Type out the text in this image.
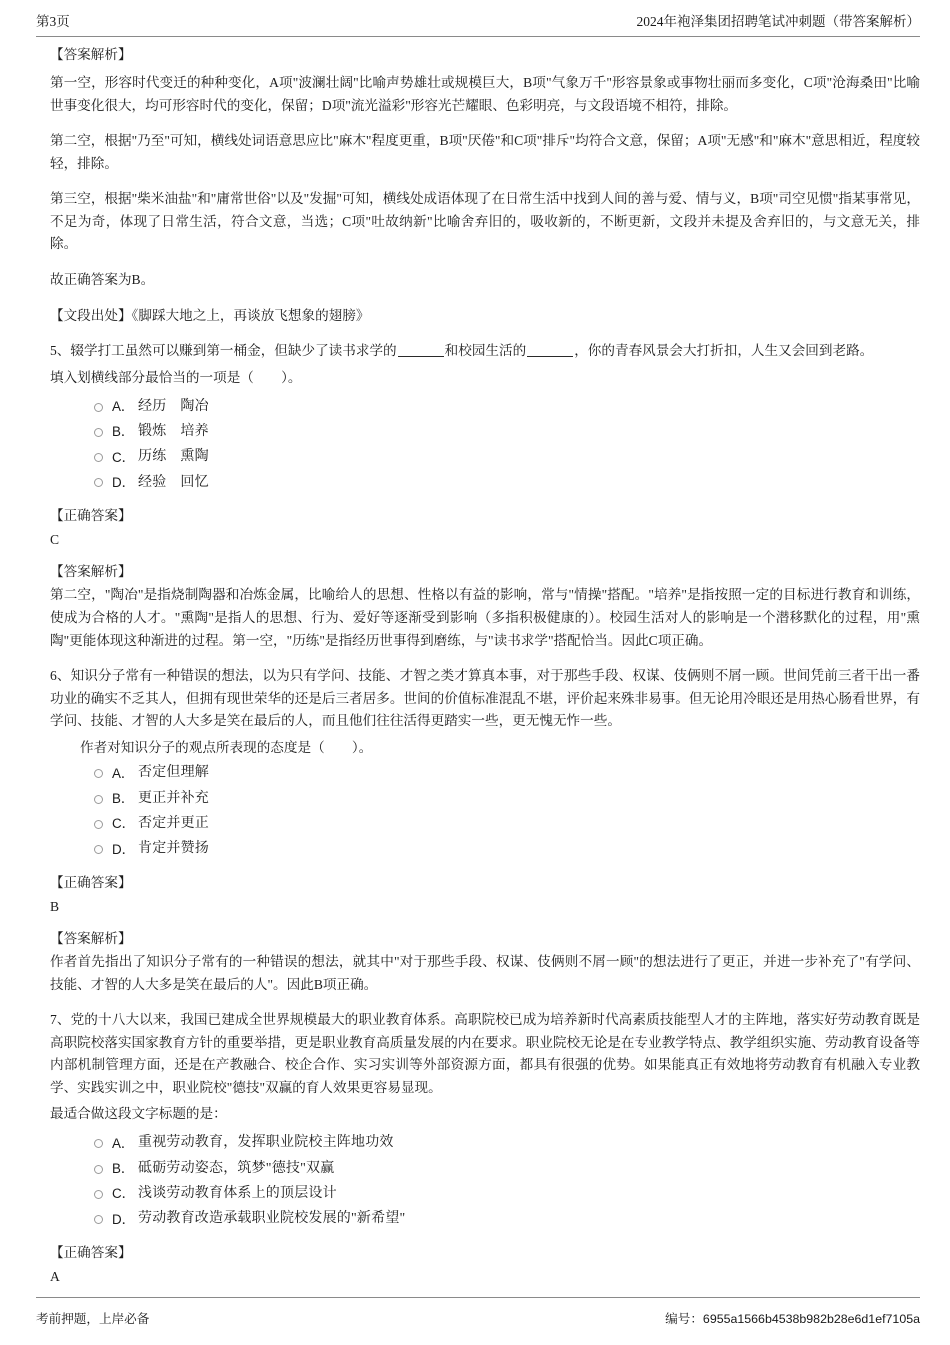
第3页	2024年袍泽集团招聘笔试冲刺题（带答案解析）
【答案解析】

第一空，形容时代变迁的种种变化，A项"波澜壮阔"比喻声势雄壮或规模巨大，B项"气象万千"形容景象或事物壮丽而多变化，C项"沧海桑田"比喻世事变化很大，均可形容时代的变化，保留；D项"流光溢彩"形容光芒耀眼、色彩明亮，与文段语境不相符，排除。

第二空，根据"乃至"可知，横线处词语意思应比"麻木"程度更重，B项"厌倦"和C项"排斥"均符合文意，保留；A项"无感"和"麻木"意思相近，程度较轻，排除。

第三空，根据"柴米油盐"和"庸常世俗"以及"发掘"可知，横线处成语体现了在日常生活中找到人间的善与爱、情与义，B项"司空见惯"指某事常见，不足为奇，体现了日常生活，符合文意，当选；C项"吐故纳新"比喻舍弃旧的，吸收新的，不断更新，文段并未提及舍弃旧的，与文意无关，排除。

故正确答案为B。

【文段出处】《脚踩大地之上，再谈放飞想象的翅膀》

5、辍学打工虽然可以赚到第一桶金，但缺少了读书求学的	和校园生活的	，你的青春风景会大打折扣，人生又会回到老路。

填入划横线部分最恰当的一项是（　　）。

A． 经历 陶冶
B． 锻炼 培养
C． 历练 熏陶
D． 经验 回忆
【正确答案】
C
【答案解析】

第二空，"陶冶"是指烧制陶器和冶炼金属，比喻给人的思想、性格以有益的影响，常与"情操"搭配。"培养"是指按照一定的目标进行教育和训练，使成为合格的人才。"熏陶"是指人的思想、行为、爱好等逐渐受到影响（多指积极健康的）。校园生活对人的影响是一个潜移默化的过程，用"熏陶"更能体现这种渐进的过程。第一空，"历练"是指经历世事得到磨练，与"读书求学"搭配恰当。因此C项正确。

6、知识分子常有一种错误的想法，以为只有学问、技能、才智之类才算真本事，对于那些手段、权谋、伎俩则不屑一顾。世间凭前三者干出一番功业的确实不乏其人，但拥有现世荣华的还是后三者居多。世间的价值标准混乱不堪，评价起来殊非易事。但无论用冷眼还是用热心肠看世界，有学问、技能、才智的人大多是笑在最后的人，而且他们往往活得更踏实一些，更无愧无怍一些。

作者对知识分子的观点所表现的态度是（　　）。

A． 否定但理解
B． 更正并补充
C． 否定并更正
D． 肯定并赞扬
【正确答案】
B
【答案解析】

作者首先指出了知识分子常有的一种错误的想法，就其中"对于那些手段、权谋、伎俩则不屑一顾"的想法进行了更正，并进一步补充了"有学问、技能、才智的人大多是笑在最后的人"。因此B项正确。

7、党的十八大以来，我国已建成全世界规模最大的职业教育体系。高职院校已成为培养新时代高素质技能型人才的主阵地，落实好劳动教育既是高职院校落实国家教育方针的重要举措，更是职业教育高质量发展的内在要求。职业院校无论是在专业教学特点、教学组织实施、劳动教育设备等内部机制管理方面，还是在产教融合、校企合作、实习实训等外部资源方面，都具有很强的优势。如果能真正有效地将劳动教育有机融入专业教学、实践实训之中，职业院校"德技"双赢的育人效果更容易显现。

最适合做这段文字标题的是：

A． 重视劳动教育，发挥职业院校主阵地功效
B． 砥砺劳动姿态，筑梦"德技"双赢
C． 浅谈劳动教育体系上的顶层设计
D． 劳动教育改造承载职业院校发展的"新希望"
【正确答案】
A
考前押题，上岸必备	编号：6955a1566b4538b982b28e6d1ef7105a
